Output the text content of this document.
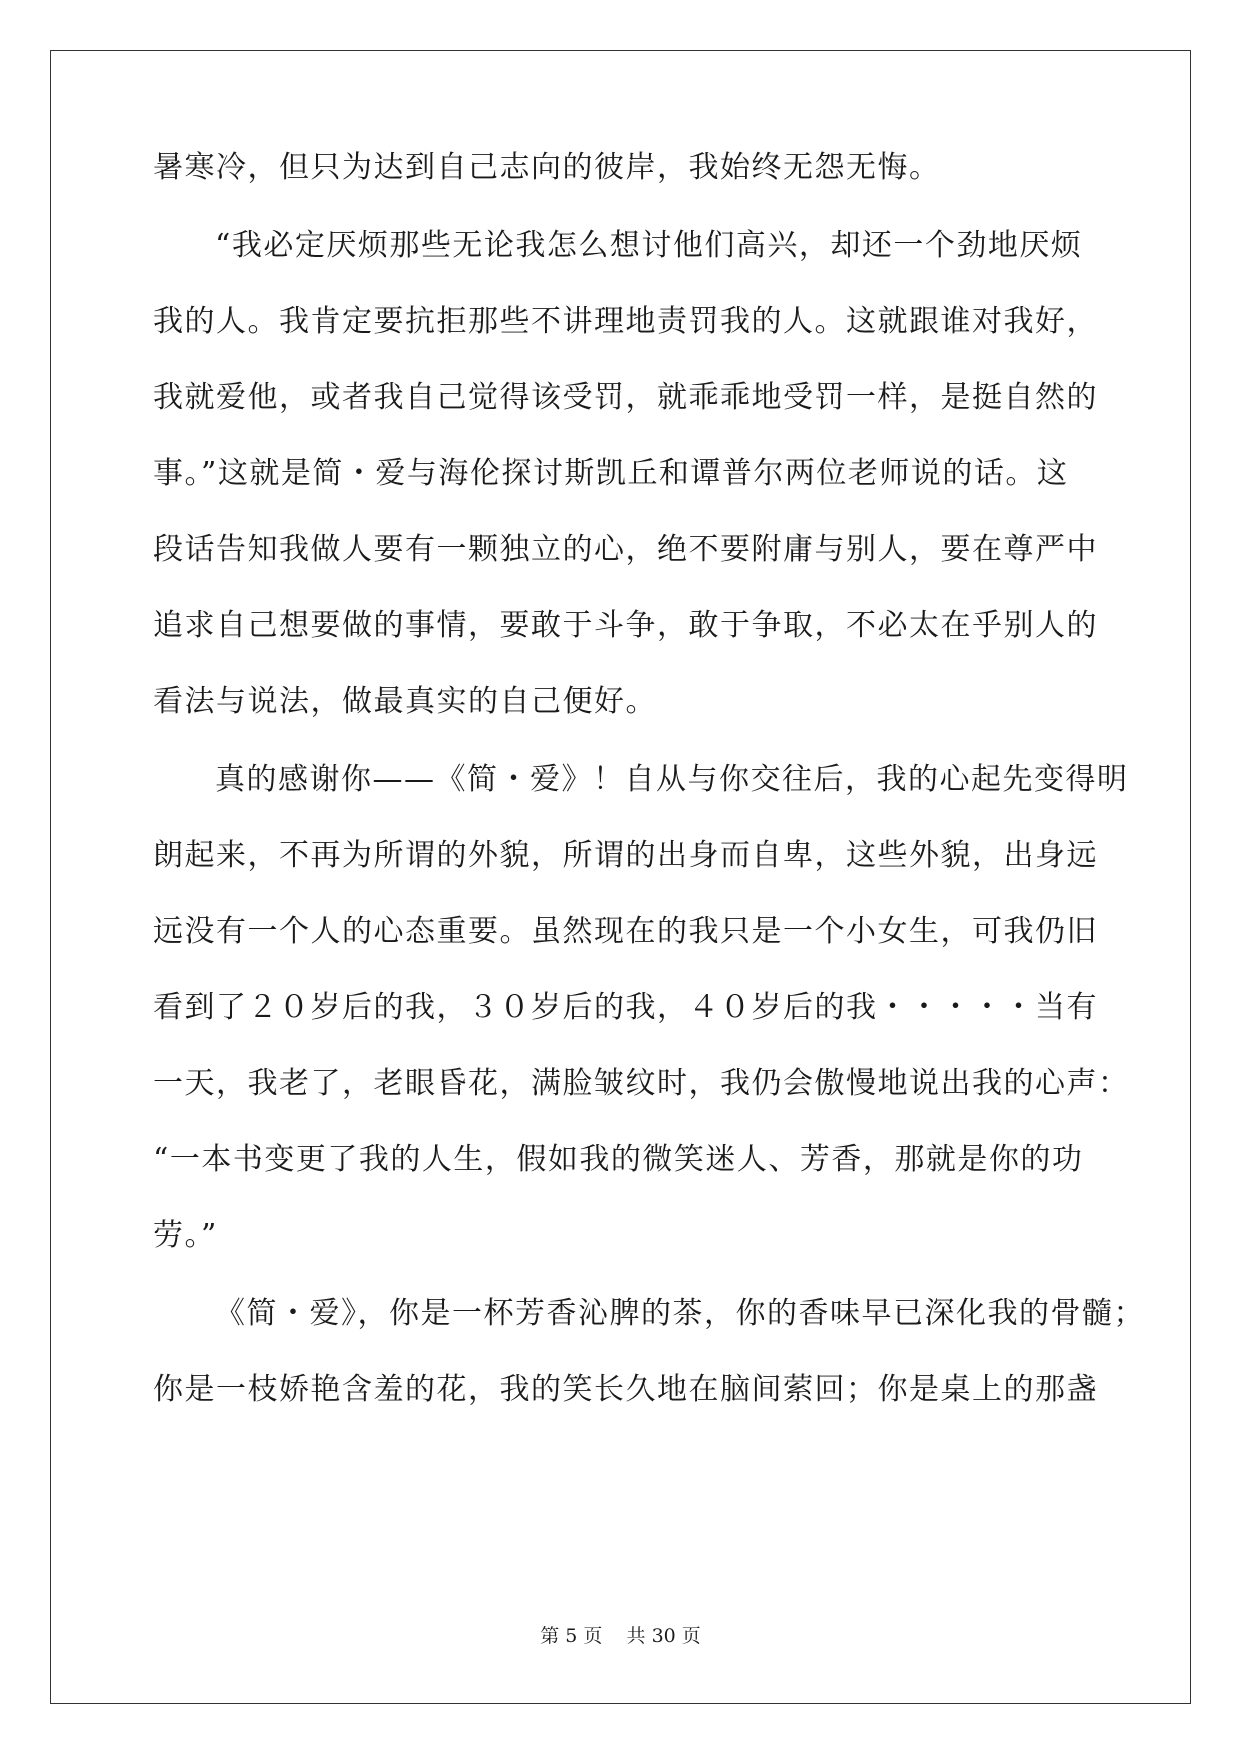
暑寒冷，但只为达到自己志向的彼岸，我始终无怨无悔。
“我必定厌烦那些无论我怎么想讨他们高兴，却还一个劲地厌烦
我的人。我肯定要抗拒那些不讲理地责罚我的人。这就跟谁对我好，
我就爱他，或者我自己觉得该受罚，就乖乖地受罚一样，是挺自然的
事。”这就是简・爱与海伦探讨斯凯丘和谭普尔两位老师说的话。这
段话告知我做人要有一颗独立的心，绝不要附庸与别人，要在尊严中
追求自己想要做的事情，要敢于斗争，敢于争取，不必太在乎别人的
看法与说法，做最真实的自己便好。
真的感谢你——《简・爱》！自从与你交往后，我的心起先变得明
朗起来，不再为所谓的外貌，所谓的出身而自卑，这些外貌，出身远
远没有一个人的心态重要。虽然现在的我只是一个小女生，可我仍旧
看到了２０岁后的我，３０岁后的我，４０岁后的我・・・・・当有
一天，我老了，老眼昏花，满脸皱纹时，我仍会傲慢地说出我的心声：
“一本书变更了我的人生，假如我的微笑迷人、芳香，那就是你的功
劳。”
《简・爱》，你是一杯芳香沁脾的茶，你的香味早已深化我的骨髓；
你是一枝娇艳含羞的花，我的笑长久地在脑间萦回；你是桌上的那盏
第 5 页    共 30 页
